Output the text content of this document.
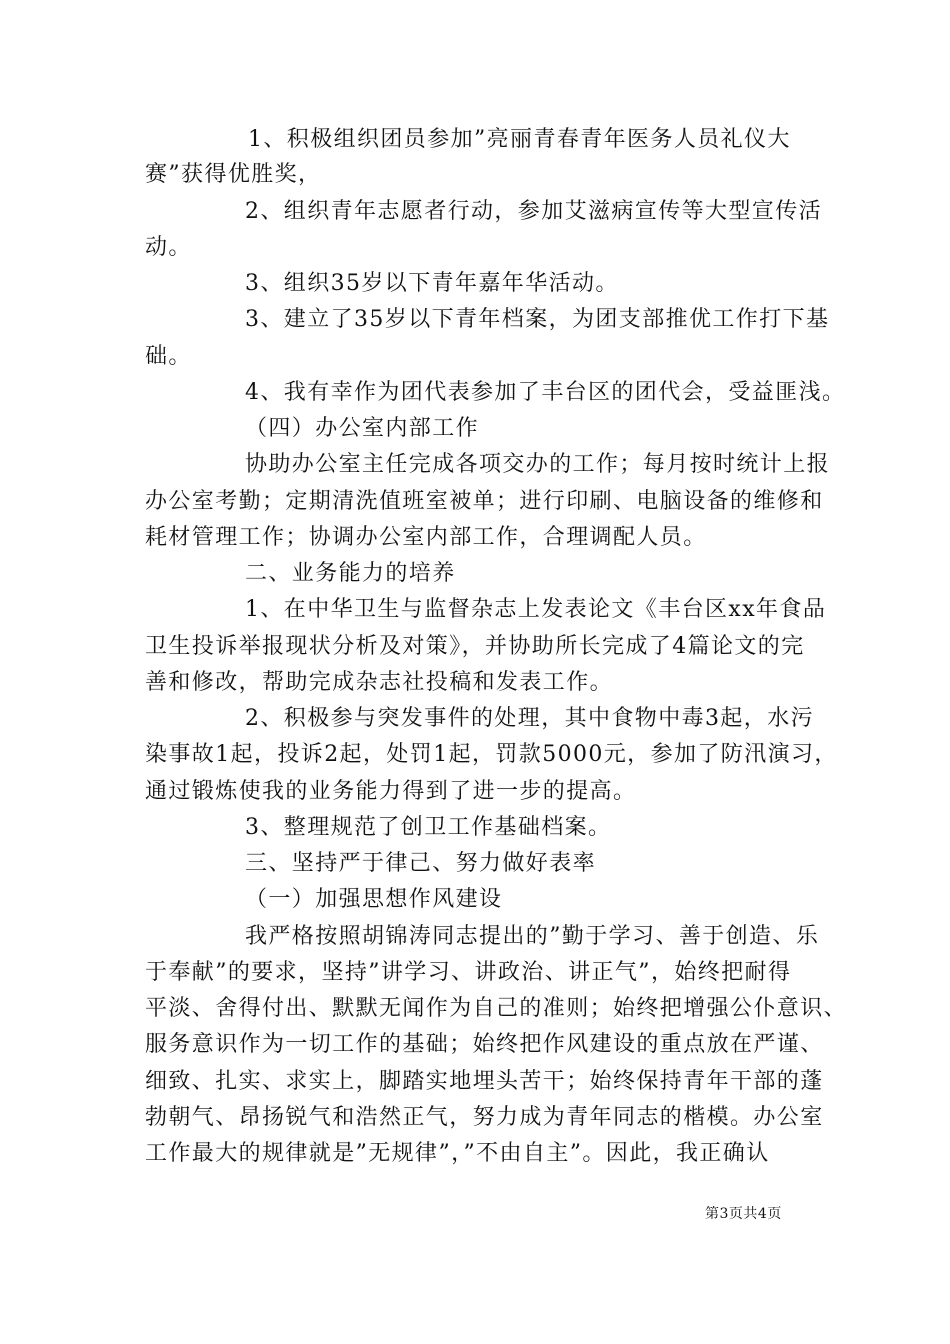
1、积极组织团员参加”亮丽青春青年医务人员礼仪大
赛”获得优胜奖，
2、组织青年志愿者行动，参加艾滋病宣传等大型宣传活
动。
3、组织35岁以下青年嘉年华活动。
3、建立了35岁以下青年档案，为团支部推优工作打下基
础。
4、我有幸作为团代表参加了丰台区的团代会，受益匪浅。
（四）办公室内部工作
协助办公室主任完成各项交办的工作；每月按时统计上报
办公室考勤；定期清洗值班室被单；进行印刷、电脑设备的维修和
耗材管理工作；协调办公室内部工作，合理调配人员。
二、业务能力的培养
1、在中华卫生与监督杂志上发表论文《丰台区xx年食品
卫生投诉举报现状分析及对策》，并协助所长完成了4篇论文的完
善和修改，帮助完成杂志社投稿和发表工作。
2、积极参与突发事件的处理，其中食物中毒3起，水污
染事故1起，投诉2起，处罚1起，罚款5000元，参加了防汛演习，
通过锻炼使我的业务能力得到了进一步的提高。
3、整理规范了创卫工作基础档案。
三、坚持严于律己、努力做好表率
（一）加强思想作风建设
我严格按照胡锦涛同志提出的”勤于学习、善于创造、乐
于奉献”的要求，坚持”讲学习、讲政治、讲正气”，始终把耐得
平淡、舍得付出、默默无闻作为自己的准则；始终把增强公仆意识、
服务意识作为一切工作的基础；始终把作风建设的重点放在严谨、
细致、扎实、求实上，脚踏实地埋头苦干；始终保持青年干部的蓬
勃朝气、昂扬锐气和浩然正气，努力成为青年同志的楷模。办公室
工作最大的规律就是”无规律”，”不由自主”。因此，我正确认
第3页共4页
